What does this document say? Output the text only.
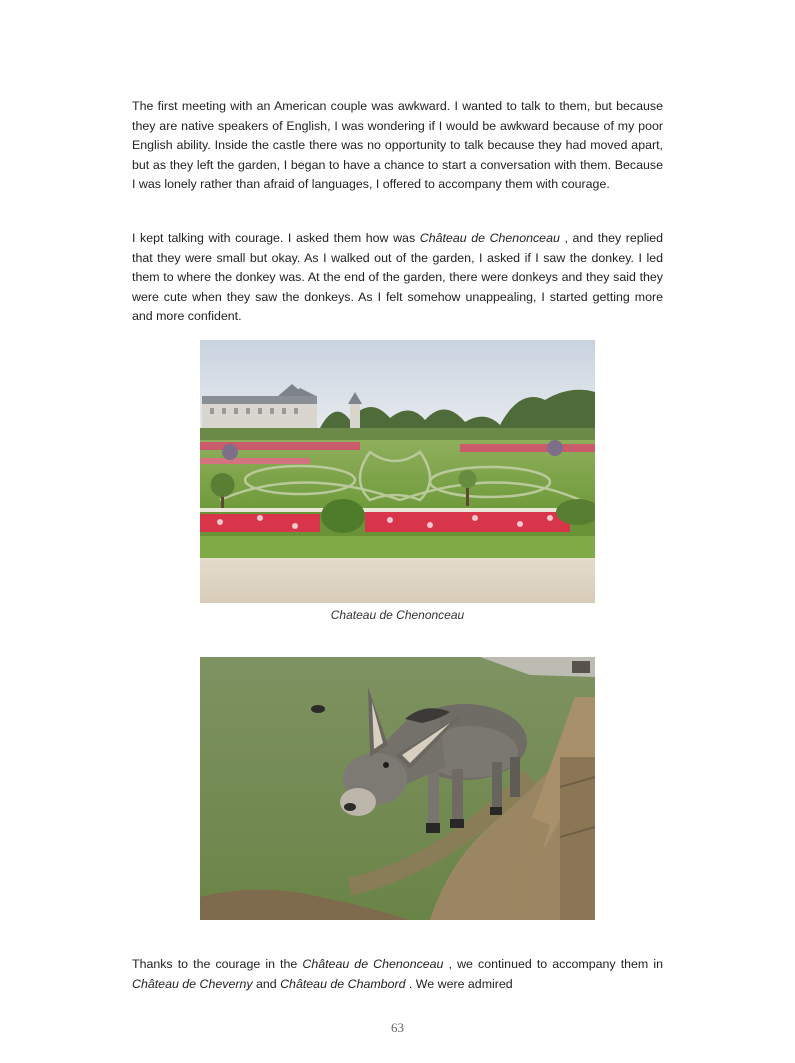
The first meeting with an American couple was awkward. I wanted to talk to them, but because they are native speakers of English, I was wondering if I would be awkward because of my poor English ability. Inside the castle there was no opportunity to talk because they had moved apart, but as they left the garden, I began to have a chance to start a conversation with them. Because I was lonely rather than afraid of languages, I offered to accompany them with courage.

I kept talking with courage. I asked them how was Château de Chenonceau , and they replied that they were small but okay. As I walked out of the garden, I asked if I saw the donkey. I led them to where the donkey was. At the end of the garden, there were donkeys and they said they were cute when they saw the donkeys. As I felt somehow unappealing, I started getting more and more confident.

Chateau de Chenonceau

Thanks to the courage in the Château de Chenonceau , we continued to accompany them in Château de Cheverny and Château de Chambord . We were admired

63
